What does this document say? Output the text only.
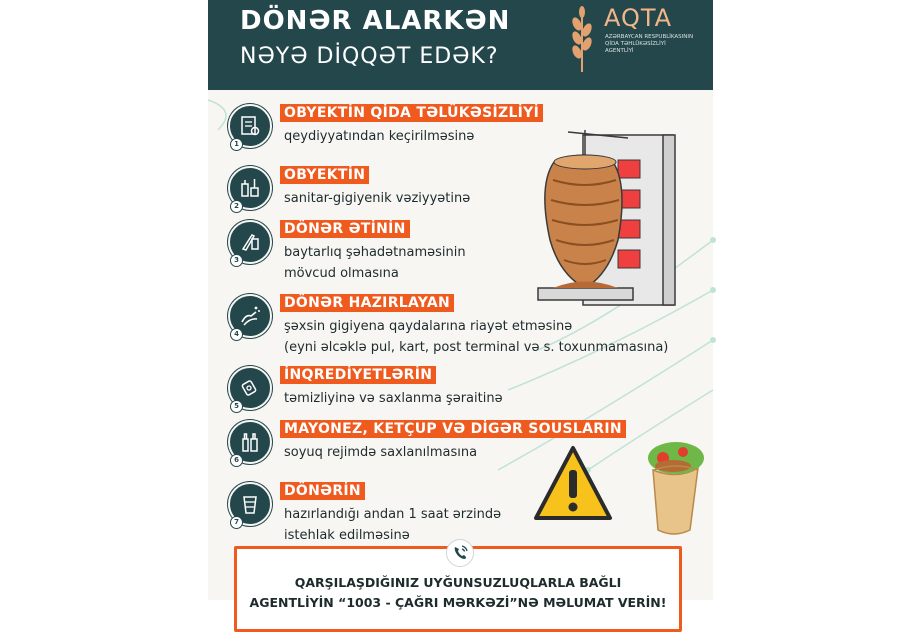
DÖNƏR ALARKƏN
NƏYƏ DİQQƏT EDƏK?
AQTA
AZƏRBAYCAN RESPUBLİKASININ QİDA TƏHLÜKƏSİZLİYİ AGENTLİYİ
1
OBYEKTİN QİDA TƏLÜKƏSİZLİYİ
qeydiyyatından keçirilməsinə
2
OBYEKTİN
sanitar-gigiyenik vəziyyətinə
3
DÖNƏR ƏTİNİN
baytarlıq şəhadətnaməsinin
mövcud olmasına
4
DÖNƏR HAZIRLAYAN
şəxsin gigiyena qaydalarına riayət etməsinə
(eyni əlcəklə pul, kart, post terminal və s. toxunmamasına)
5
İNQREDİYETLƏRİN
təmizliyinə və saxlanma şəraitinə
6
MAYONEZ, KETÇUP VƏ DİGƏR SOUSLARIN
soyuq rejimdə saxlanılmasına
7
DÖNƏRİN
hazırlandığı andan 1 saat ərzində
istehlak edilməsinə
QARŞILAŞDIĞINIZ UYĞUNSUZLUQLARLA BAĞLI
AGENTLİYİN “1003 - ÇAĞRI MƏRKƏZİ”NƏ MƏLUMAT VERİN!
